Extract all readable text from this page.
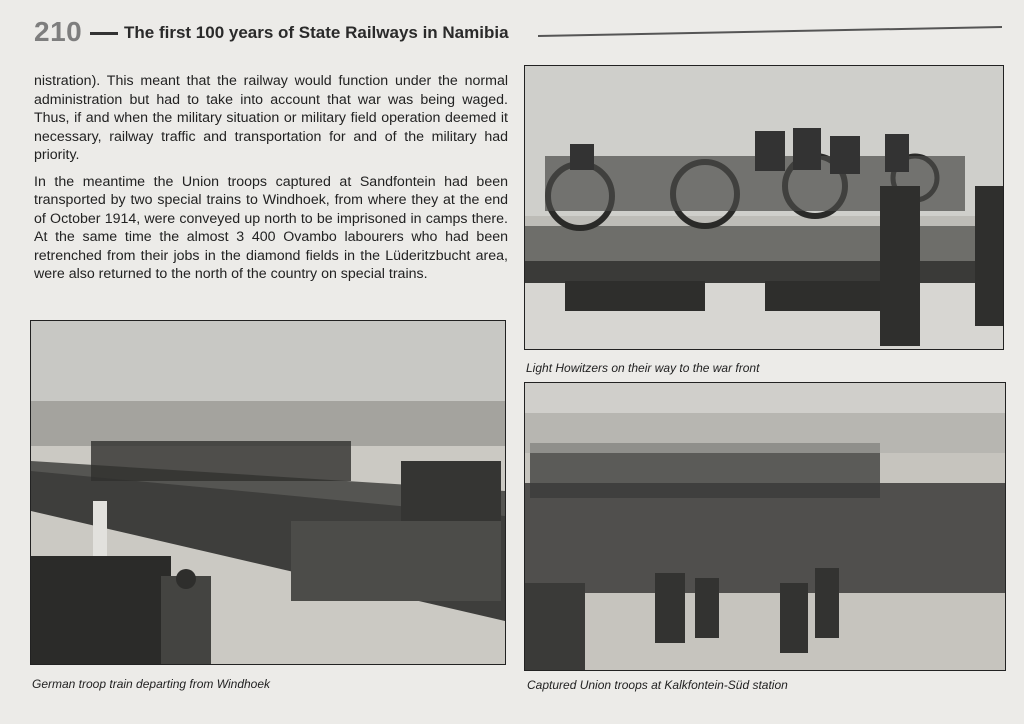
210 The first 100 years of State Railways in Namibia

nistration). This meant that the railway would function under the normal administration but had to take into account that war was being waged. Thus, if and when the military situation or military field operation deemed it necessary, railway traffic and transportation for and of the military had priority.

In the meantime the Union troops captured at Sandfontein had been transported by two special trains to Windhoek, from where they at the end of October 1914, were conveyed up north to be imprisoned in camps there. At the same time the almost 3 400 Ovambo labourers who had been retrenched from their jobs in the diamond fields in the Lüderitzbucht area, were also returned to the north of the country on special trains.

Light Howitzers on their way to the war front
German troop train departing from Windhoek	Captured Union troops at Kalkfontein-Süd station
